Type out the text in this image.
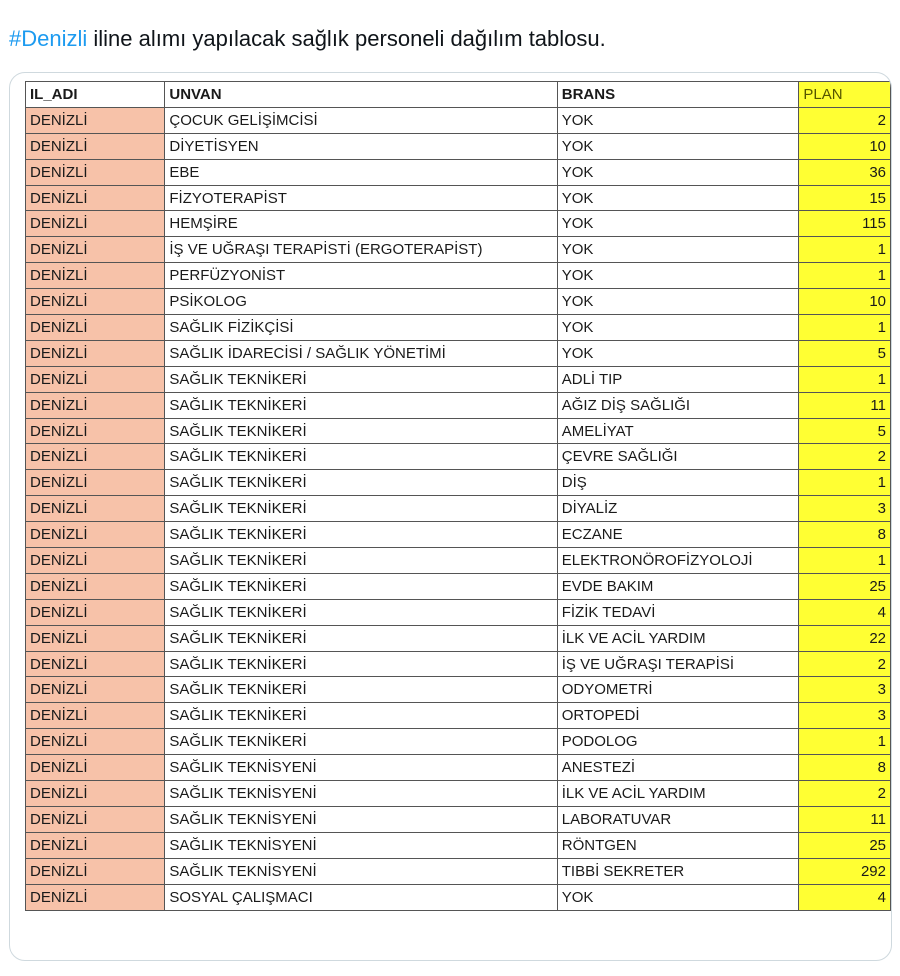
#Denizli iline alımı yapılacak sağlık personeli dağılım tablosu.
IL_ADI	UNVAN	BRANS	PLAN
DENİZLİ	ÇOCUK GELİŞİMCİSİ	YOK	2
DENİZLİ	DİYETİSYEN	YOK	10
DENİZLİ	EBE	YOK	36
DENİZLİ	FİZYOTERAPİST	YOK	15
DENİZLİ	HEMŞİRE	YOK	115
DENİZLİ	İŞ VE UĞRAŞI TERAPİSTİ (ERGOTERAPİST)	YOK	1
DENİZLİ	PERFÜZYONİST	YOK	1
DENİZLİ	PSİKOLOG	YOK	10
DENİZLİ	SAĞLIK FİZİKÇİSİ	YOK	1
DENİZLİ	SAĞLIK İDARECİSİ / SAĞLIK YÖNETİMİ	YOK	5
DENİZLİ	SAĞLIK TEKNİKERİ	ADLİ TIP	1
DENİZLİ	SAĞLIK TEKNİKERİ	AĞIZ DİŞ SAĞLIĞI	11
DENİZLİ	SAĞLIK TEKNİKERİ	AMELİYAT	5
DENİZLİ	SAĞLIK TEKNİKERİ	ÇEVRE SAĞLIĞI	2
DENİZLİ	SAĞLIK TEKNİKERİ	DİŞ	1
DENİZLİ	SAĞLIK TEKNİKERİ	DİYALİZ	3
DENİZLİ	SAĞLIK TEKNİKERİ	ECZANE	8
DENİZLİ	SAĞLIK TEKNİKERİ	ELEKTRONÖROFİZYOLOJİ	1
DENİZLİ	SAĞLIK TEKNİKERİ	EVDE BAKIM	25
DENİZLİ	SAĞLIK TEKNİKERİ	FİZİK TEDAVİ	4
DENİZLİ	SAĞLIK TEKNİKERİ	İLK VE ACİL YARDIM	22
DENİZLİ	SAĞLIK TEKNİKERİ	İŞ VE UĞRAŞI TERAPİSİ	2
DENİZLİ	SAĞLIK TEKNİKERİ	ODYOMETRİ	3
DENİZLİ	SAĞLIK TEKNİKERİ	ORTOPEDİ	3
DENİZLİ	SAĞLIK TEKNİKERİ	PODOLOG	1
DENİZLİ	SAĞLIK TEKNİSYENİ	ANESTEZİ	8
DENİZLİ	SAĞLIK TEKNİSYENİ	İLK VE ACİL YARDIM	2
DENİZLİ	SAĞLIK TEKNİSYENİ	LABORATUVAR	11
DENİZLİ	SAĞLIK TEKNİSYENİ	RÖNTGEN	25
DENİZLİ	SAĞLIK TEKNİSYENİ	TIBBİ SEKRETER	292
DENİZLİ	SOSYAL ÇALIŞMACI	YOK	4
